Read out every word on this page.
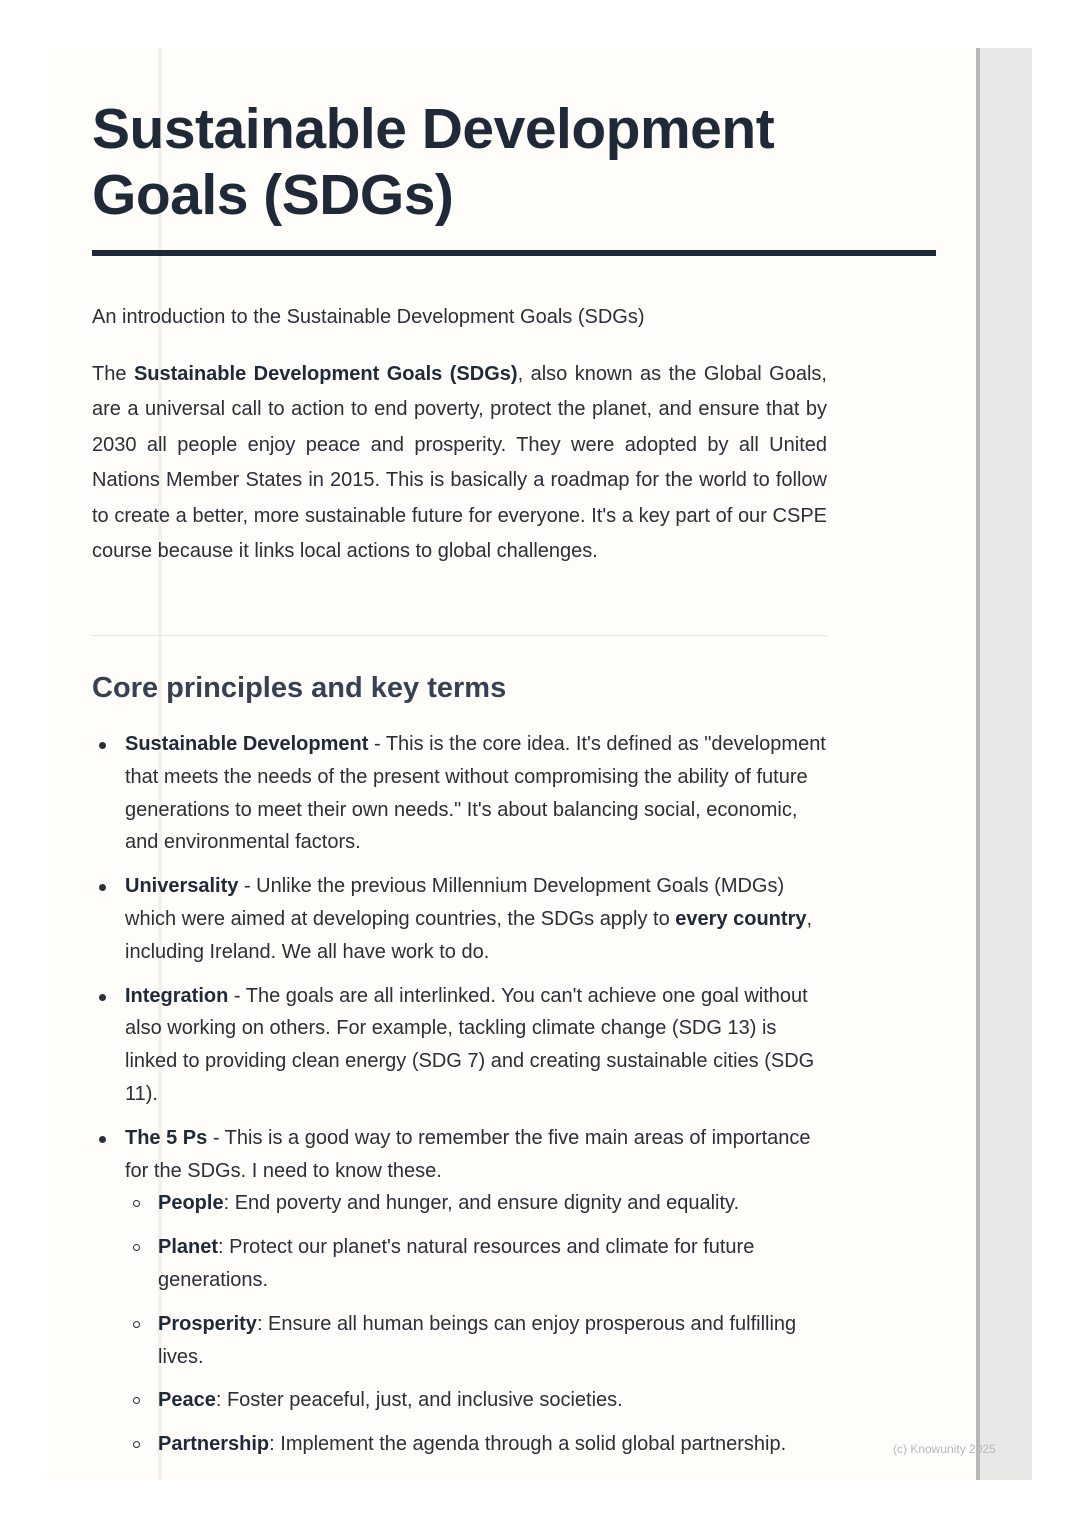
Sustainable Development Goals (SDGs)

An introduction to the Sustainable Development Goals (SDGs)

The Sustainable Development Goals (SDGs), also known as the Global Goals, are a universal call to action to end poverty, protect the planet, and ensure that by 2030 all people enjoy peace and prosperity. They were adopted by all United Nations Member States in 2015. This is basically a roadmap for the world to follow to create a better, more sustainable future for everyone. It's a key part of our CSPE course because it links local actions to global challenges.

Core principles and key terms
Sustainable Development - This is the core idea. It's defined as "development that meets the needs of the present without compromising the ability of future generations to meet their own needs." It's about balancing social, economic, and environmental factors.
Universality - Unlike the previous Millennium Development Goals (MDGs) which were aimed at developing countries, the SDGs apply to every country, including Ireland. We all have work to do.
Integration - The goals are all interlinked. You can't achieve one goal without also working on others. For example, tackling climate change (SDG 13) is linked to providing clean energy (SDG 7) and creating sustainable cities (SDG 11).
The 5 Ps - This is a good way to remember the five main areas of importance for the SDGs. I need to know these.
People: End poverty and hunger, and ensure dignity and equality.
Planet: Protect our planet's natural resources and climate for future generations.
Prosperity: Ensure all human beings can enjoy prosperous and fulfilling lives.
Peace: Foster peaceful, just, and inclusive societies.
Partnership: Implement the agenda through a solid global partnership.	(c) Knowunity 2025
